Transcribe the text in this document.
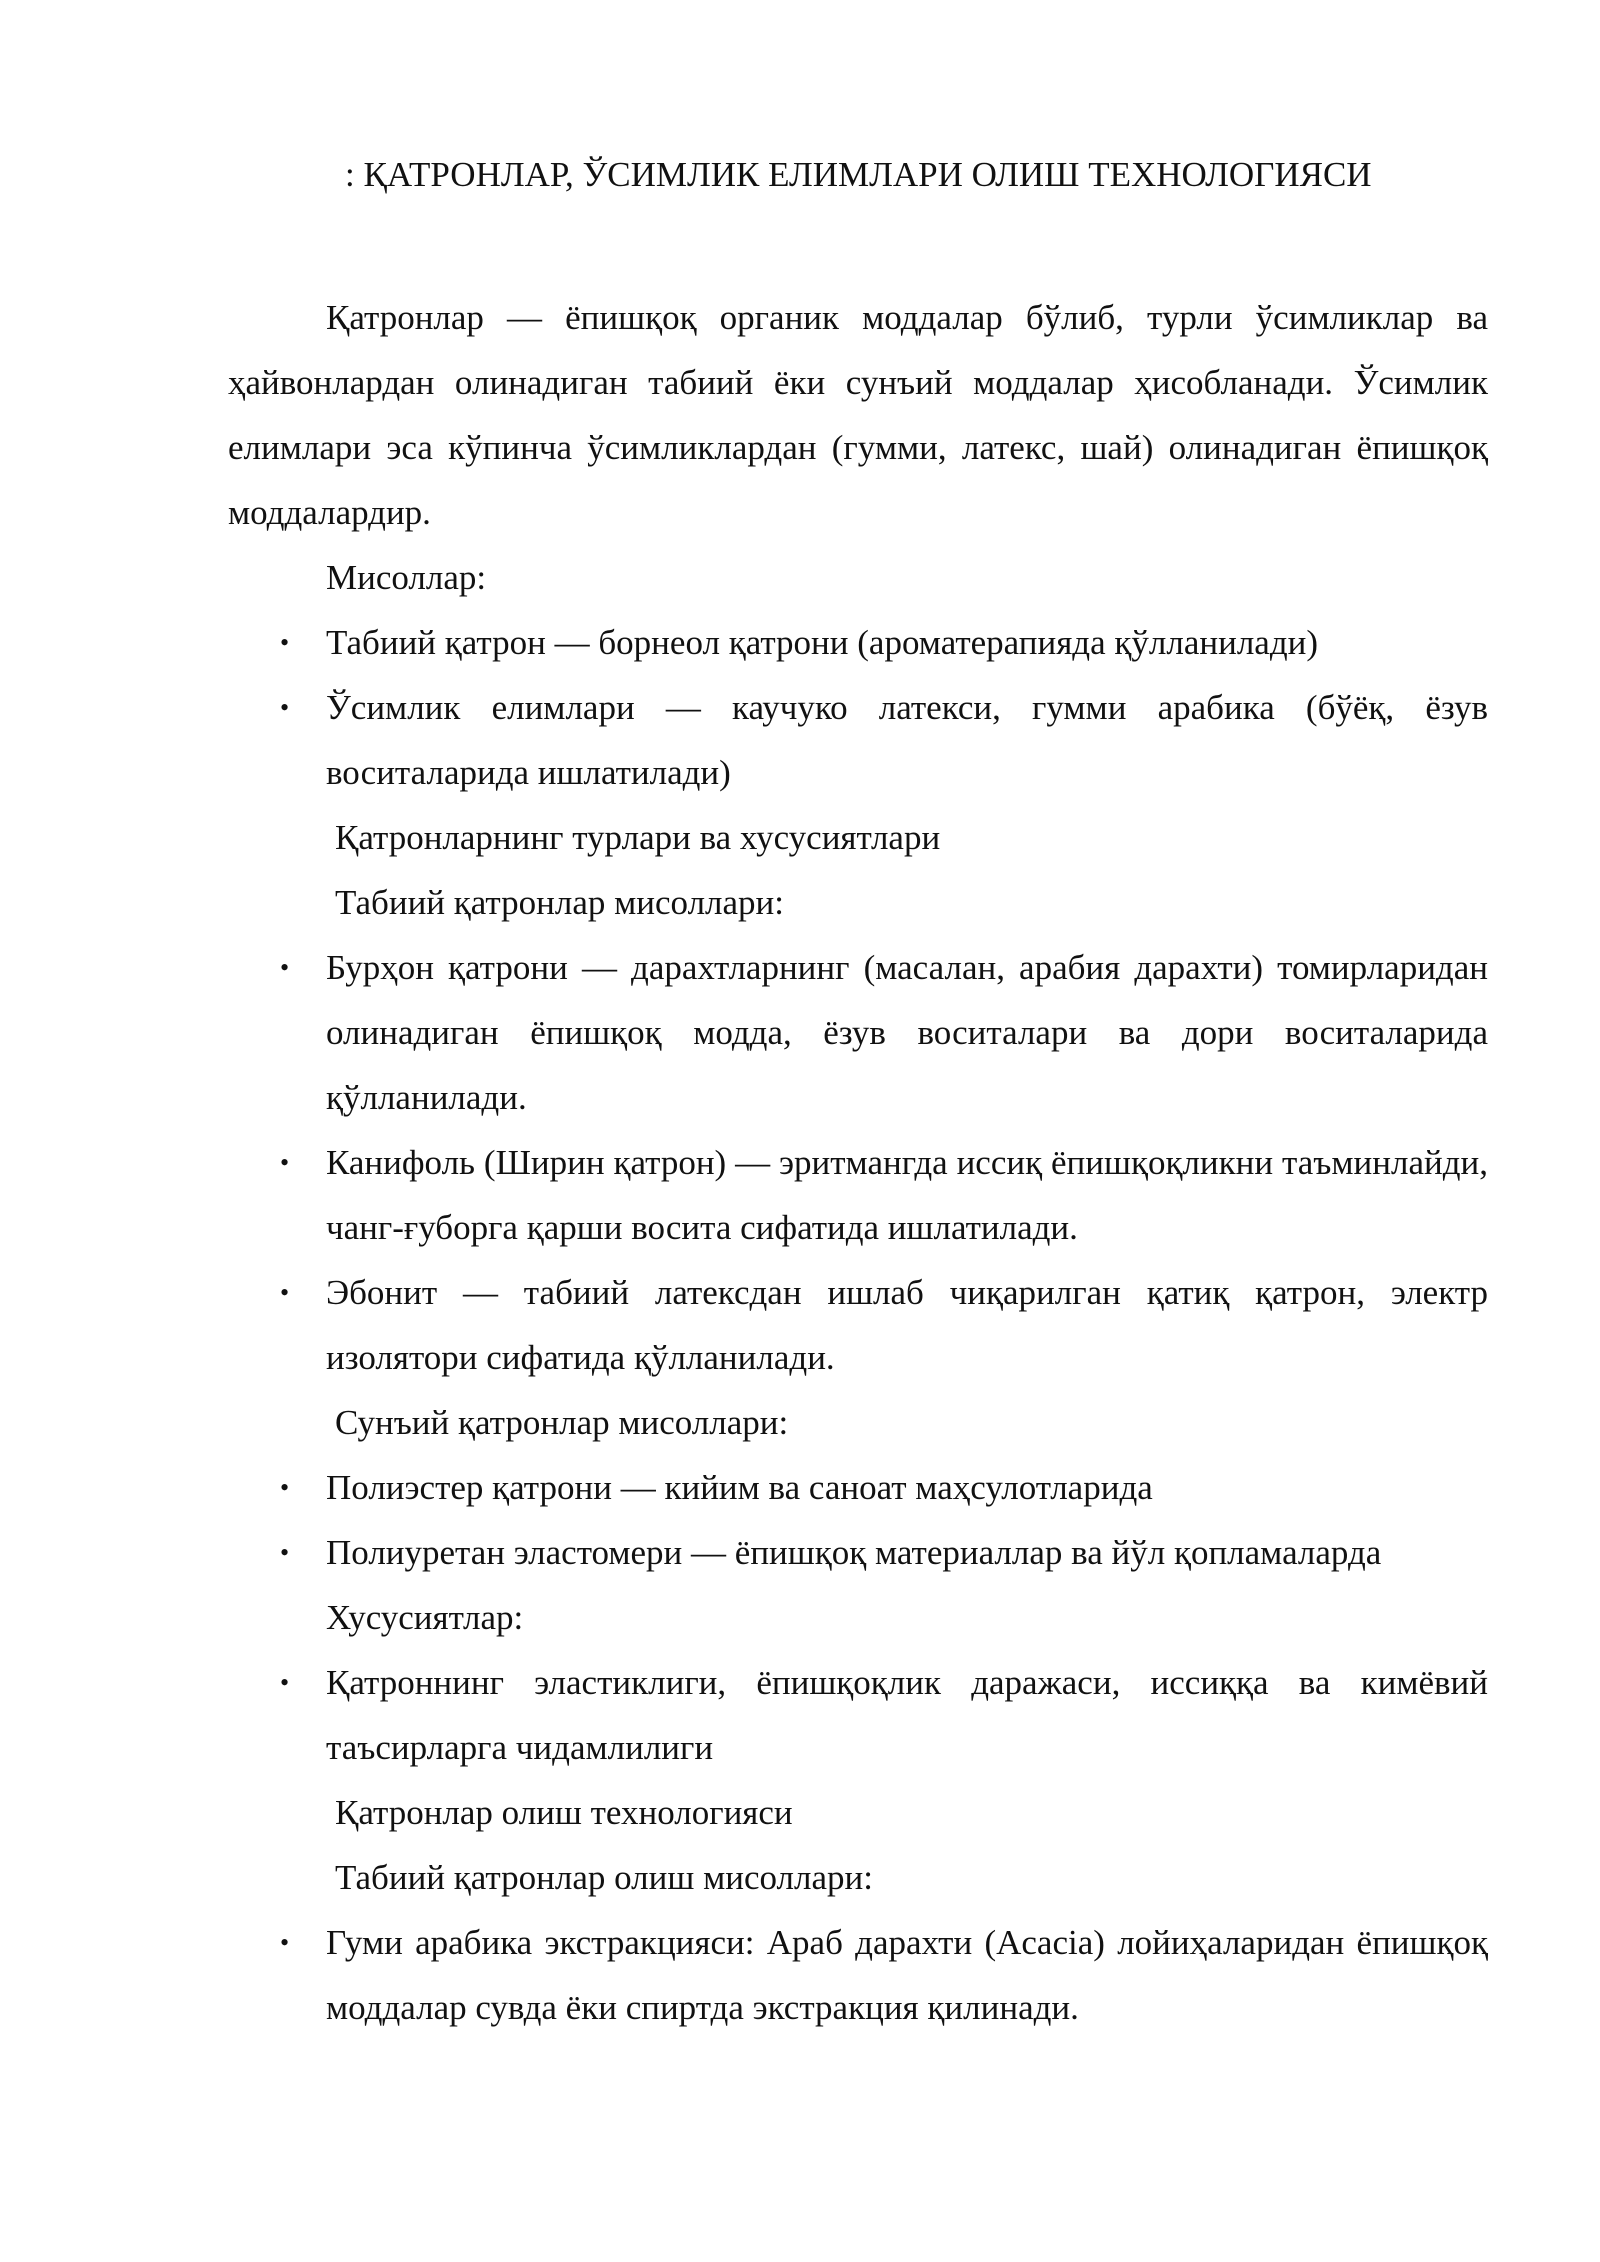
: ҚАТРОНЛАР, ЎСИМЛИК ЕЛИМЛАРИ ОЛИШ ТЕХНОЛОГИЯСИ

Қатронлар — ёпишқоқ органик моддалар бўлиб, турли ўсимликлар ва ҳайвонлардан олинадиган табиий ёки сунъий моддалар ҳисобланади. Ўсимлик елимлари эса кўпинча ўсимликлардан (гумми, латекс, шай) олинадиган ёпишқоқ моддалардир.

Мисоллар:

• Табиий қатрон — борнеол қатрони (ароматерапияда қўлланилади)
• Ўсимлик елимлари — каучуко латекси, гумми арабика (бўёқ, ёзув воситаларида ишлатилади)

Қатронларнинг турлари ва хусусиятлари

Табиий қатронлар мисоллари:

• Бурҳон қатрони — дарахтларнинг (масалан, арабия дарахти) томирларидан олинадиган ёпишқоқ модда, ёзув воситалари ва дори воситаларида қўлланилади.
• Канифоль (Ширин қатрон) — эритмангда иссиқ ёпишқоқликни таъминлайди, чанг-ғуборга қарши восита сифатида ишлатилади.
• Эбонит — табиий латексдан ишлаб чиқарилган қатиқ қатрон, электр изолятори сифатида қўлланилади.

Сунъий қатронлар мисоллари:

• Полиэстер қатрони — кийим ва саноат маҳсулотларида
• Полиуретан эластомери — ёпишқоқ материаллар ва йўл қопламаларда

Хусусиятлар:

• Қатроннинг эластиклиги, ёпишқоқлик даражаси, иссиққа ва кимёвий таъсирларга чидамлилиги

Қатронлар олиш технологияси

Табиий қатронлар олиш мисоллари:

• Гуми арабика экстракцияси: Араб дарахти (Acacia) лойиҳаларидан ёпишқоқ моддалар сувда ёки спиртда экстракция қилинади.
